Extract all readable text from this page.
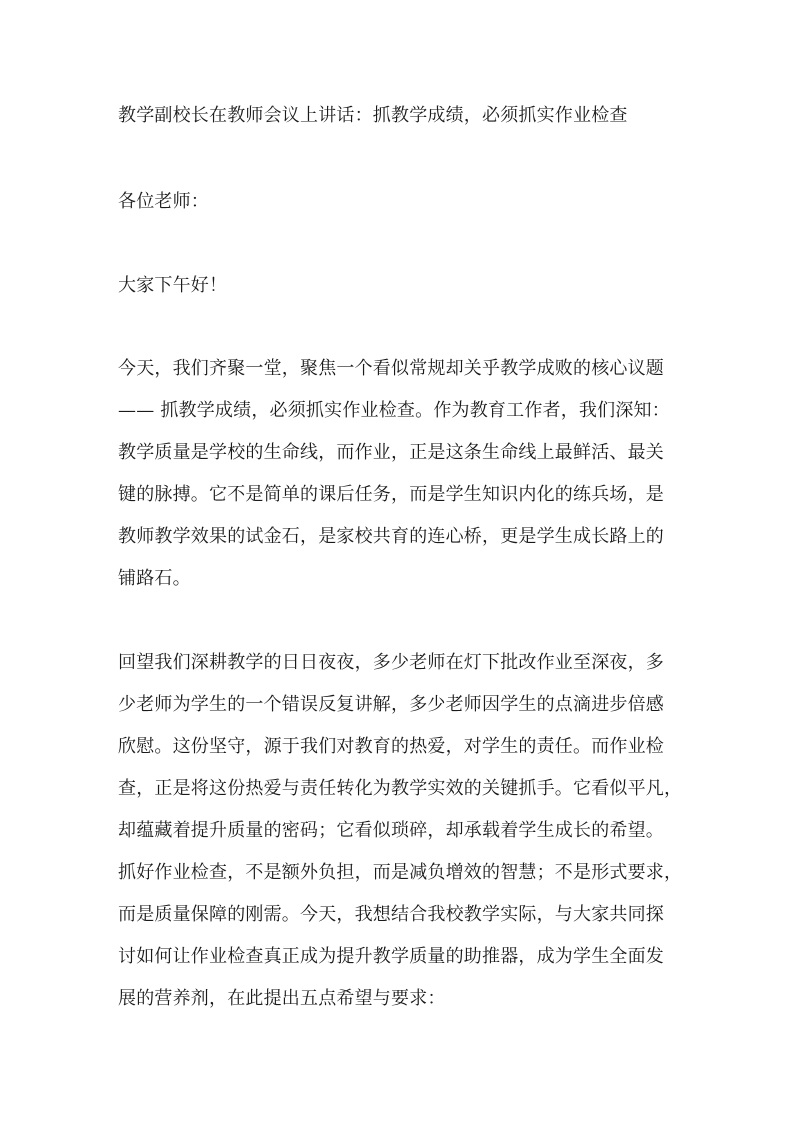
教学副校长在教师会议上讲话：抓教学成绩，必须抓实作业检查
各位老师：
大家下午好！
今天，我们齐聚一堂，聚焦一个看似常规却关乎教学成败的核心议题
—— 抓教学成绩，必须抓实作业检查。作为教育工作者，我们深知：
教学质量是学校的生命线，而作业，正是这条生命线上最鲜活、最关
键的脉搏。它不是简单的课后任务，而是学生知识内化的练兵场，是
教师教学效果的试金石，是家校共育的连心桥，更是学生成长路上的
铺路石。
回望我们深耕教学的日日夜夜，多少老师在灯下批改作业至深夜，多
少老师为学生的一个错误反复讲解，多少老师因学生的点滴进步倍感
欣慰。这份坚守，源于我们对教育的热爱，对学生的责任。而作业检
查，正是将这份热爱与责任转化为教学实效的关键抓手。它看似平凡，
却蕴藏着提升质量的密码；它看似琐碎，却承载着学生成长的希望。
抓好作业检查，不是额外负担，而是减负增效的智慧；不是形式要求，
而是质量保障的刚需。今天，我想结合我校教学实际，与大家共同探
讨如何让作业检查真正成为提升教学质量的助推器，成为学生全面发
展的营养剂，在此提出五点希望与要求：
